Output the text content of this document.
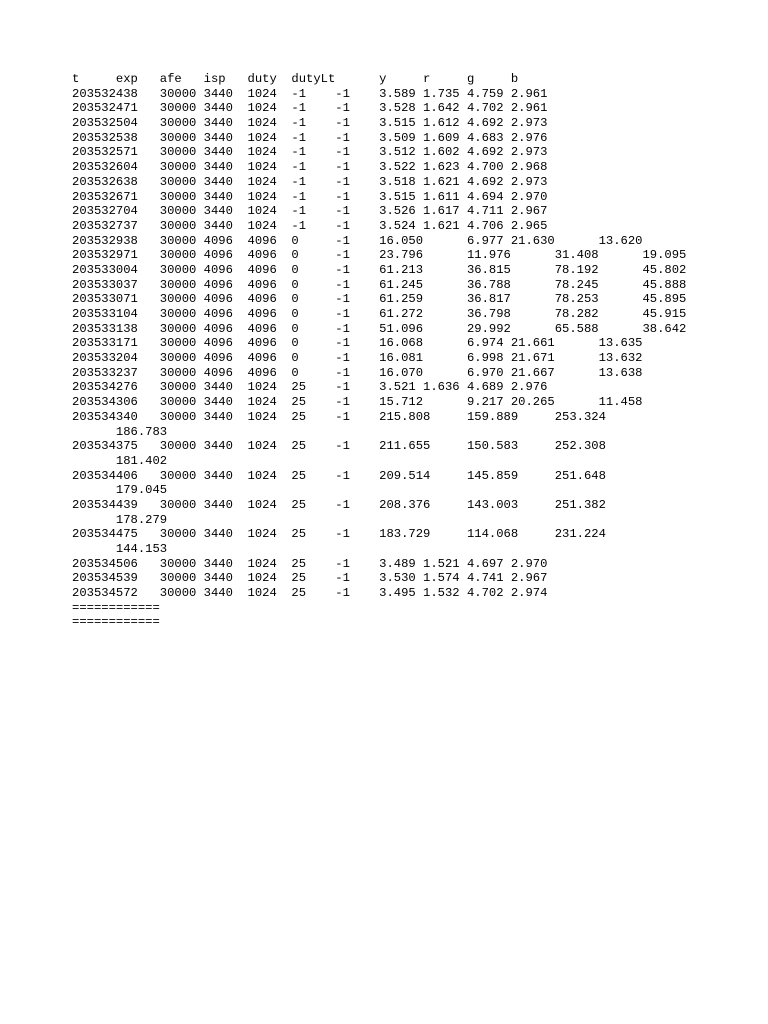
t     exp   afe   isp   duty  dutyLt      y     r     g     b
203532438   30000 3440  1024  -1    -1    3.589 1.735 4.759 2.961
203532471   30000 3440  1024  -1    -1    3.528 1.642 4.702 2.961
203532504   30000 3440  1024  -1    -1    3.515 1.612 4.692 2.973
203532538   30000 3440  1024  -1    -1    3.509 1.609 4.683 2.976
203532571   30000 3440  1024  -1    -1    3.512 1.602 4.692 2.973
203532604   30000 3440  1024  -1    -1    3.522 1.623 4.700 2.968
203532638   30000 3440  1024  -1    -1    3.518 1.621 4.692 2.973
203532671   30000 3440  1024  -1    -1    3.515 1.611 4.694 2.970
203532704   30000 3440  1024  -1    -1    3.526 1.617 4.711 2.967
203532737   30000 3440  1024  -1    -1    3.524 1.621 4.706 2.965
203532938   30000 4096  4096  0     -1    16.050      6.977 21.630      13.620
203532971   30000 4096  4096  0     -1    23.796      11.976      31.408      19.095
203533004   30000 4096  4096  0     -1    61.213      36.815      78.192      45.802
203533037   30000 4096  4096  0     -1    61.245      36.788      78.245      45.888
203533071   30000 4096  4096  0     -1    61.259      36.817      78.253      45.895
203533104   30000 4096  4096  0     -1    61.272      36.798      78.282      45.915
203533138   30000 4096  4096  0     -1    51.096      29.992      65.588      38.642
203533171   30000 4096  4096  0     -1    16.068      6.974 21.661      13.635
203533204   30000 4096  4096  0     -1    16.081      6.998 21.671      13.632
203533237   30000 4096  4096  0     -1    16.070      6.970 21.667      13.638
203534276   30000 3440  1024  25    -1    3.521 1.636 4.689 2.976
203534306   30000 3440  1024  25    -1    15.712      9.217 20.265      11.458
203534340   30000 3440  1024  25    -1    215.808     159.889     253.324
186.783
203534375   30000 3440  1024  25    -1    211.655     150.583     252.308
181.402
203534406   30000 3440  1024  25    -1    209.514     145.859     251.648
179.045
203534439   30000 3440  1024  25    -1    208.376     143.003     251.382
178.279
203534475   30000 3440  1024  25    -1    183.729     114.068     231.224
144.153
203534506   30000 3440  1024  25    -1    3.489 1.521 4.697 2.970
203534539   30000 3440  1024  25    -1    3.530 1.574 4.741 2.967
203534572   30000 3440  1024  25    -1    3.495 1.532 4.702 2.974
============
============
